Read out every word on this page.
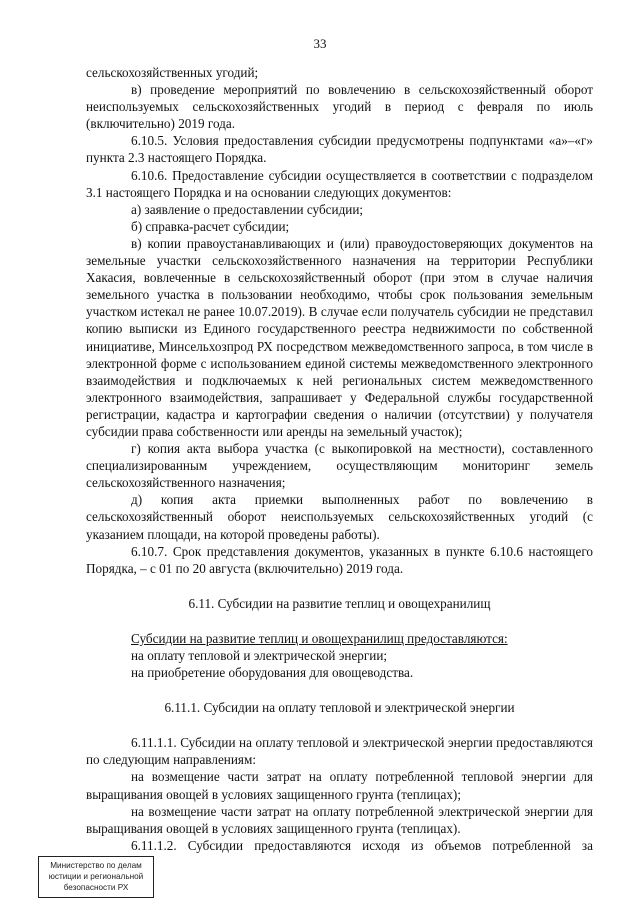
33

сельскохозяйственных угодий;

в) проведение мероприятий по вовлечению в сельскохозяйственный оборот неиспользуемых сельскохозяйственных угодий в период с февраля по июль (включительно) 2019 года.

6.10.5. Условия предоставления субсидии предусмотрены подпунктами «а»–«г» пункта 2.3 настоящего Порядка.

6.10.6. Предоставление субсидии осуществляется в соответствии с подразделом 3.1 настоящего Порядка и на основании следующих документов:

а) заявление о предоставлении субсидии;

б) справка-расчет субсидии;

в) копии правоустанавливающих и (или) правоудостоверяющих документов на земельные участки сельскохозяйственного назначения на территории Республики Хакасия, вовлеченные в сельскохозяйственный оборот (при этом в случае наличия земельного участка в пользовании необходимо, чтобы срок пользования земельным участком истекал не ранее 10.07.2019). В случае если получатель субсидии не представил копию выписки из Единого государственного реестра недвижимости по собственной инициативе, Минсельхозпрод РХ посредством межведомственного запроса, в том числе в электронной форме с использованием единой системы межведомственного электронного взаимодействия и подключаемых к ней региональных систем межведомственного электронного взаимодействия, запрашивает у Федеральной службы государственной регистрации, кадастра и картографии сведения о наличии (отсутствии) у получателя субсидии права собственности или аренды на земельный участок);

г) копия акта выбора участка (с выкопировкой на местности), составленного специализированным учреждением, осуществляющим мониторинг земель сельскохозяйственного назначения;

д) копия акта приемки выполненных работ по вовлечению в сельскохозяйственный оборот неиспользуемых сельскохозяйственных угодий (с указанием площади, на которой проведены работы).

6.10.7. Срок представления документов, указанных в пункте 6.10.6 настоящего Порядка, – с 01 по 20 августа (включительно) 2019 года.

6.11. Субсидии на развитие теплиц и овощехранилищ

Субсидии на развитие теплиц и овощехранилищ предоставляются:

на оплату тепловой и электрической энергии;

на приобретение оборудования для овощеводства.

6.11.1. Субсидии на оплату тепловой и электрической энергии

6.11.1.1. Субсидии на оплату тепловой и электрической энергии предоставляются по следующим направлениям:

на возмещение части затрат на оплату потребленной тепловой энергии для выращивания овощей в условиях защищенного грунта (теплицах);

на возмещение части затрат на оплату потребленной электрической энергии для выращивания овощей в условиях защищенного грунта (теплицах).

6.11.1.2. Субсидии предоставляются исходя из объемов потребленной за

Министерство по делам
юстиции и региональной
безопасности РХ
